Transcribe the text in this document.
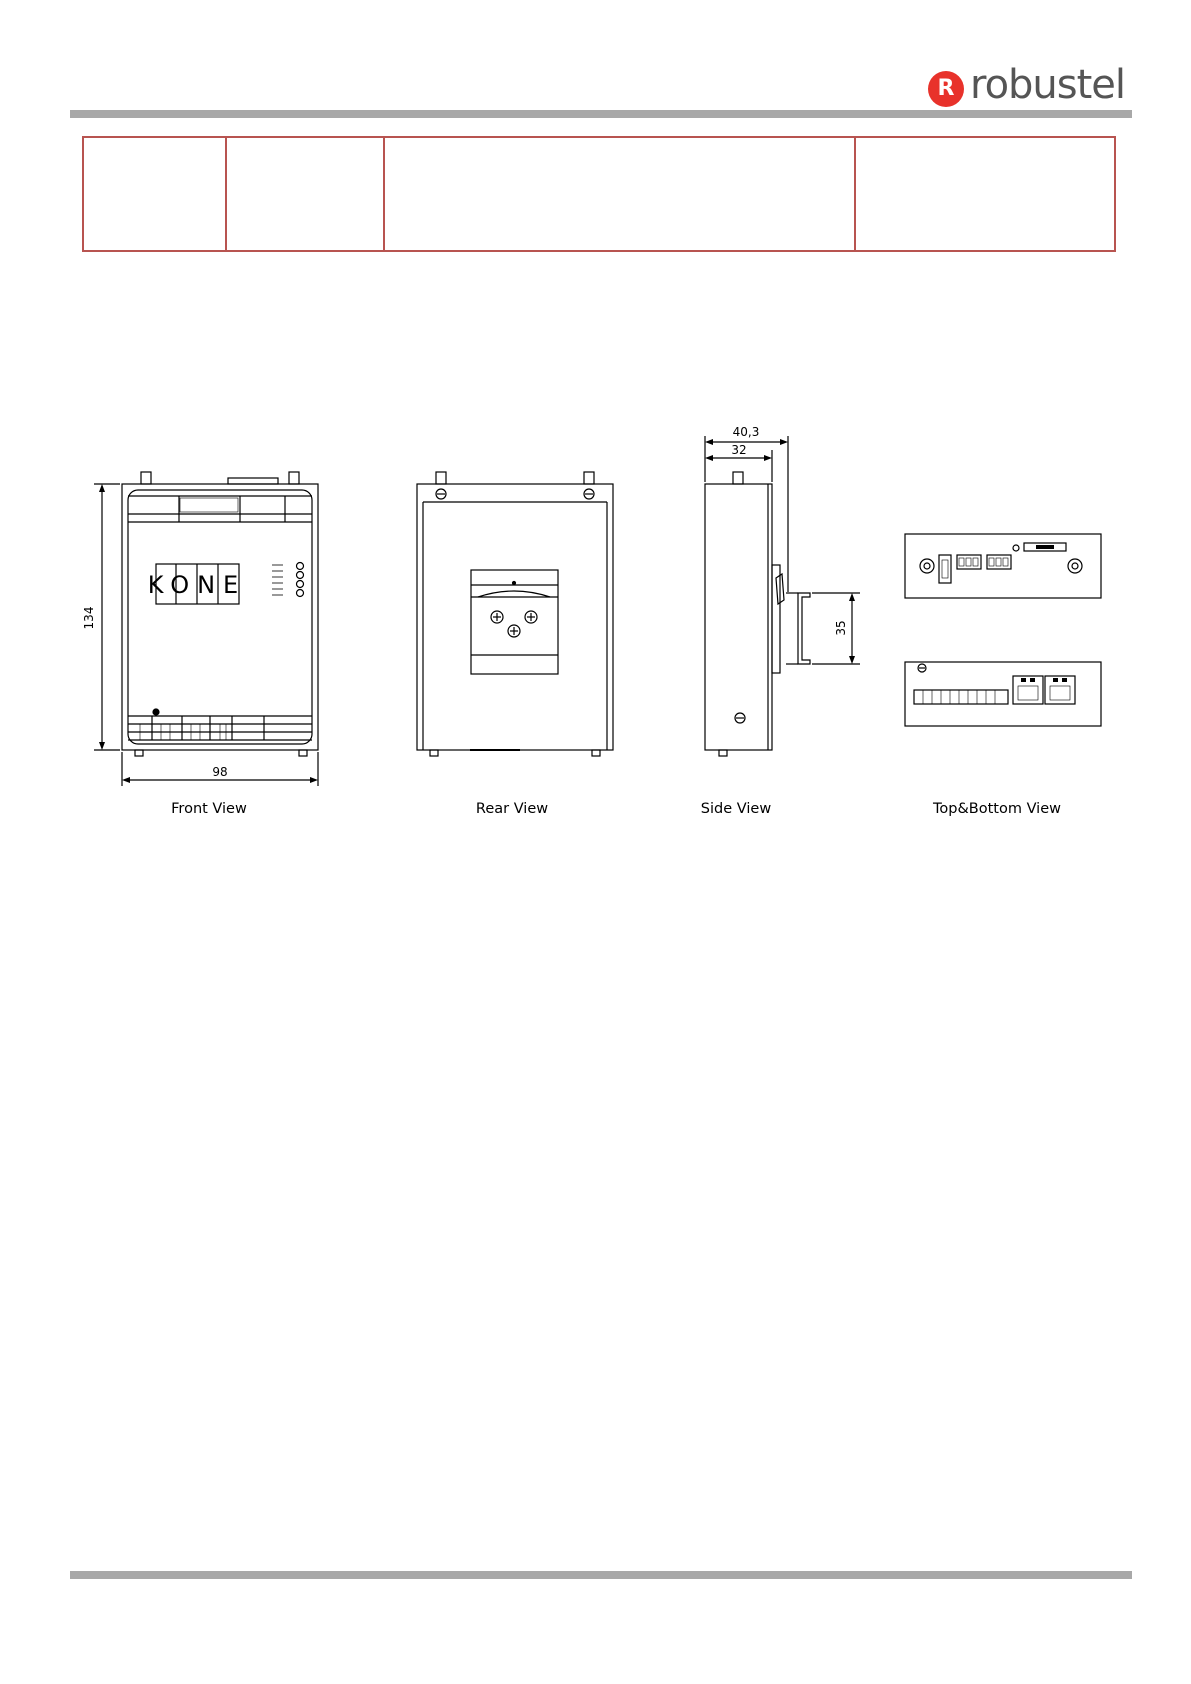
R robustel
134
98
KONE
40,3
32
35
Front View	Rear View	Side View	Top&Bottom View
